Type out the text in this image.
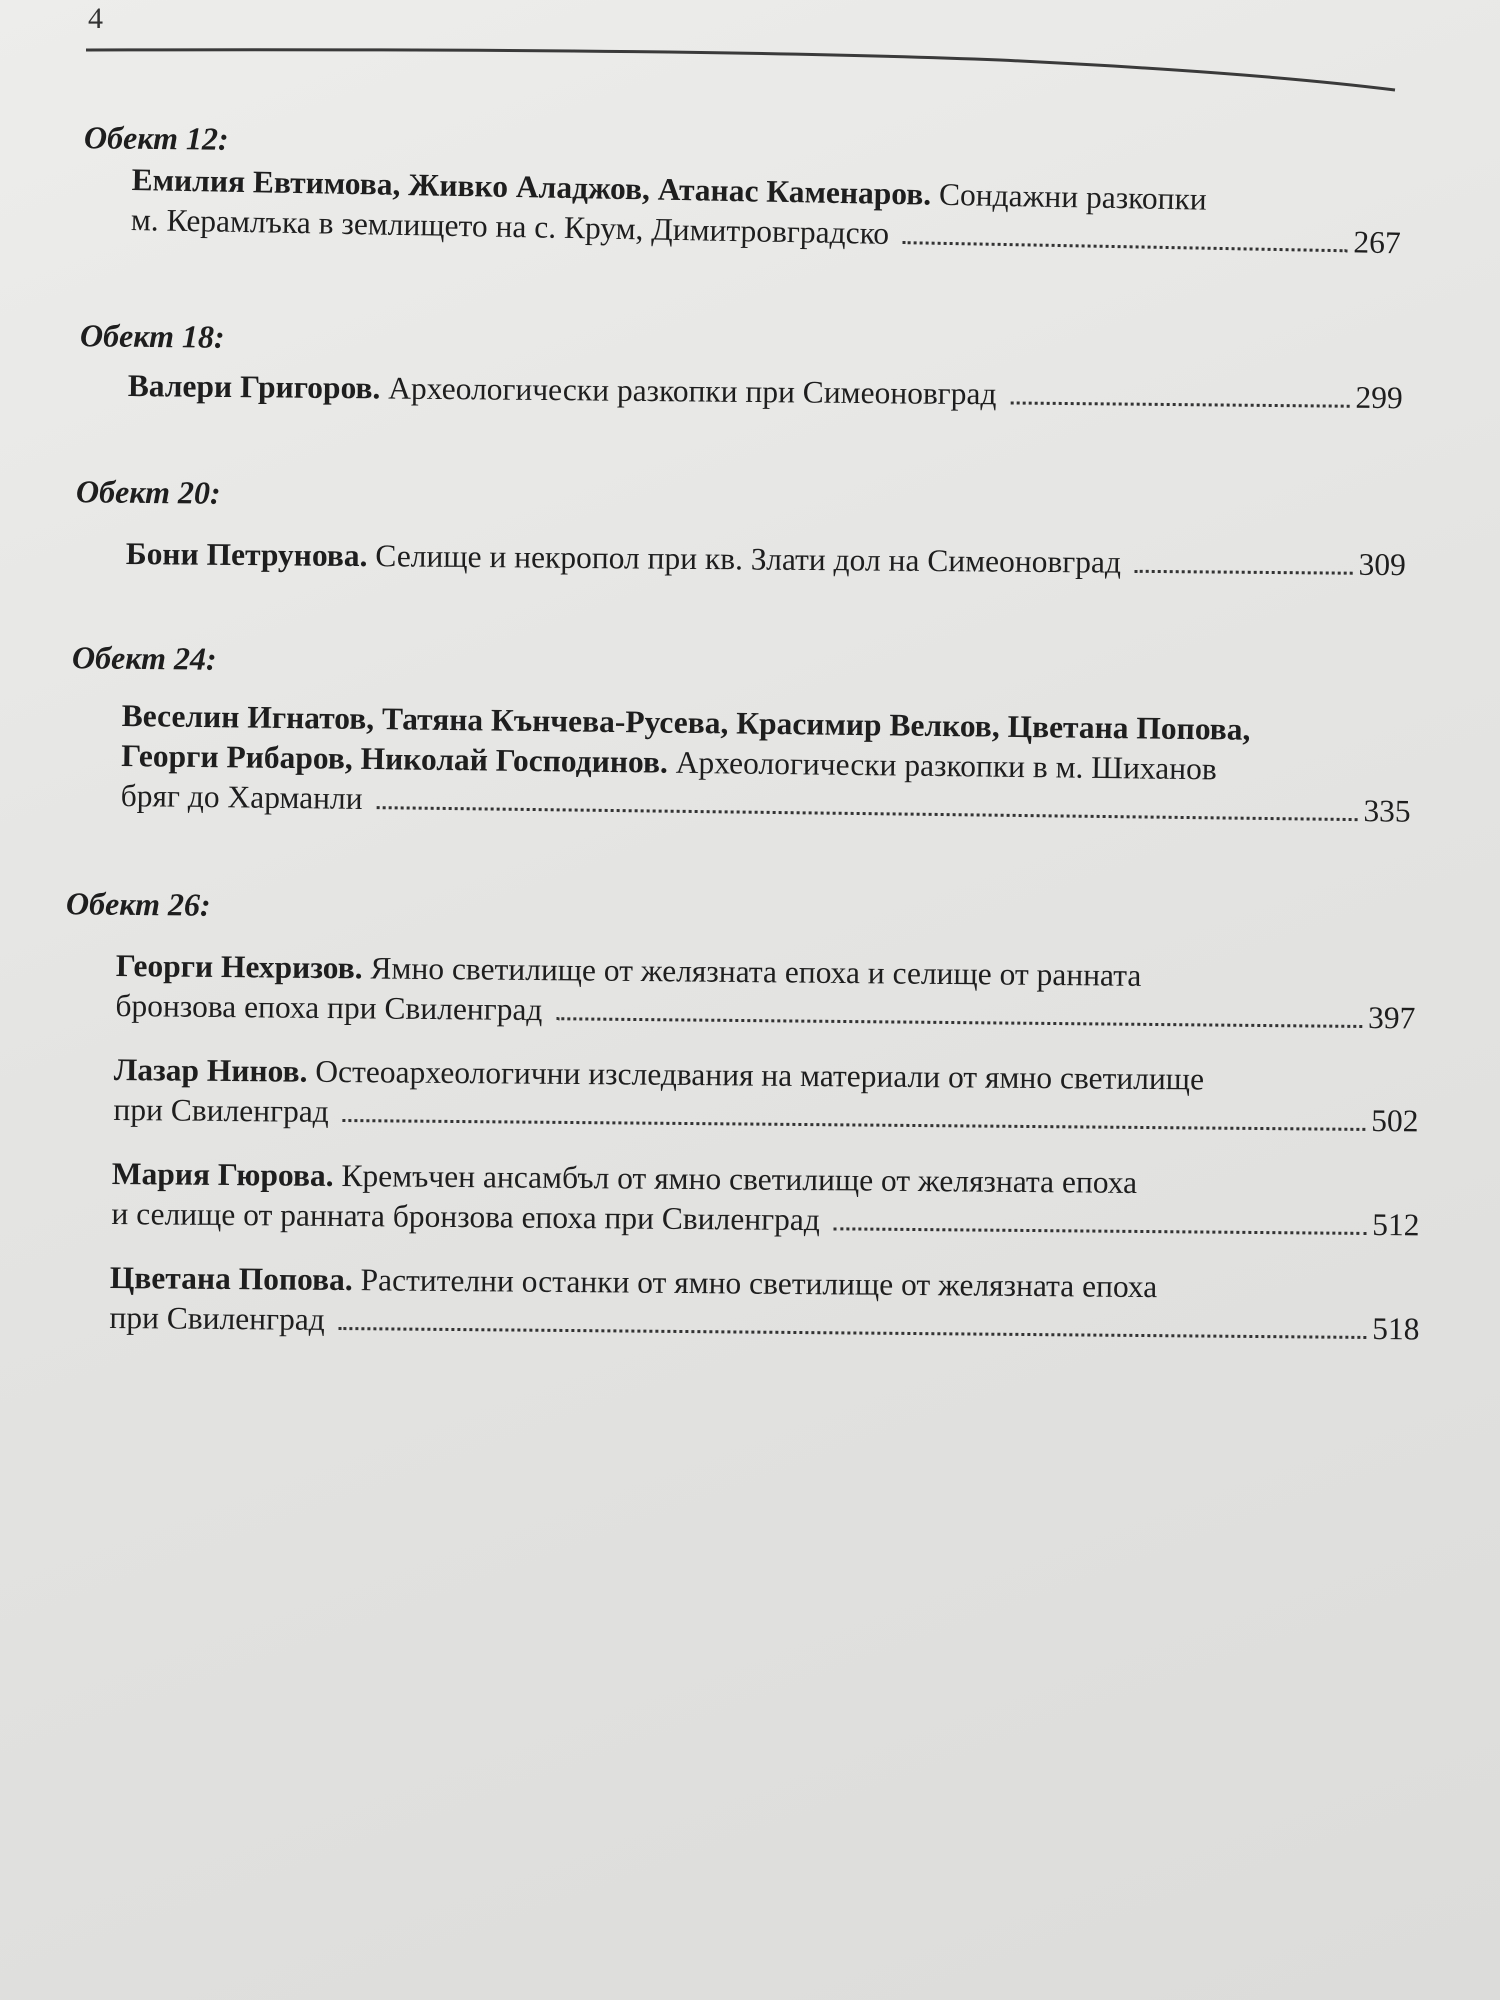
4
Обект 12:
Емилия Евтимова, Живко Аладжов, Атанас Каменаров.
Сондажни разкопки
м. Керамлъка в землището на с. Крум, Димитровградско	267
Обект 18:
Валери Григоров.
Археологически разкопки при Симеоновград	299
Обект 20:
Бони Петрунова.
Селище и некропол при кв. Злати дол на Симеоновград	309
Обект 24:
Веселин Игнатов, Татяна Кънчева-Русева, Красимир Велков, Цветана Попова,
Георги Рибаров, Николай Господинов.
Археологически разкопки в м. Шиханов
бряг до Харманли	335
Обект 26:
Георги Нехризов.
Ямно светилище от желязната епоха и селище от ранната
бронзова епоха при Свиленград	397
Лазар Нинов.
Остеоархеологични изследвания на материали от ямно светилище
при Свиленград	502
Мария Гюрова.
Кремъчен ансамбъл от ямно светилище от желязната епоха
и селище от ранната бронзова епоха при Свиленград	512
Цветана Попова.
Растителни останки от ямно светилище от желязната епоха
при Свиленград	518
